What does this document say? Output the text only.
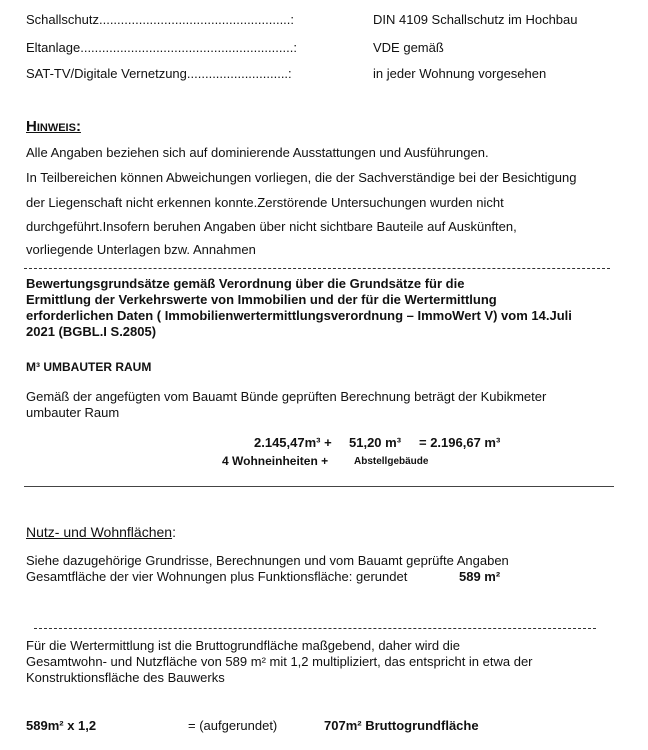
Schallschutz.....................................................:	DIN 4109 Schallschutz im Hochbau
Eltanlage...........................................................:	VDE gemäß
SAT-TV/Digitale Vernetzung............................:	in jeder Wohnung vorgesehen
Hinweis:
Alle Angaben beziehen sich auf dominierende Ausstattungen und Ausführungen.
In Teilbereichen können Abweichungen vorliegen, die der Sachverständige bei der Besichtigung
der Liegenschaft nicht erkennen konnte.Zerstörende Untersuchungen wurden nicht
durchgeführt.Insofern beruhen Angaben über nicht sichtbare Bauteile auf Auskünften,
vorliegende Unterlagen bzw. Annahmen
Bewertungsgrundsätze gemäß Verordnung über die Grundsätze für die
Ermittlung der Verkehrswerte von Immobilien und der für die Wertermittlung
erforderlichen Daten ( Immobilienwertermittlungsverordnung – ImmoWert V) vom 14.Juli
2021 (BGBL.I S.2805)
M³ UMBAUTER RAUM
Gemäß der angefügten vom Bauamt Bünde geprüften Berechnung beträgt der Kubikmeter
umbauter Raum
2.145,47m³ + 51,20 m³ = 2.196,67 m³
4 Wohneinheiten +	Abstellgebäude
Nutz- und Wohnflächen:
Siehe dazugehörige Grundrisse, Berechnungen und vom Bauamt geprüfte Angaben
Gesamtfläche der vier Wohnungen plus Funktionsfläche: gerundet	589 m²
Für die Wertermittlung ist die Bruttogrundfläche maßgebend, daher wird die
Gesamtwohn- und Nutzfläche von 589 m² mit 1,2 multipliziert, das entspricht in etwa der
Konstruktionsfläche des Bauwerks
589m² x 1,2	= (aufgerundet)	707m² Bruttogrundfläche
